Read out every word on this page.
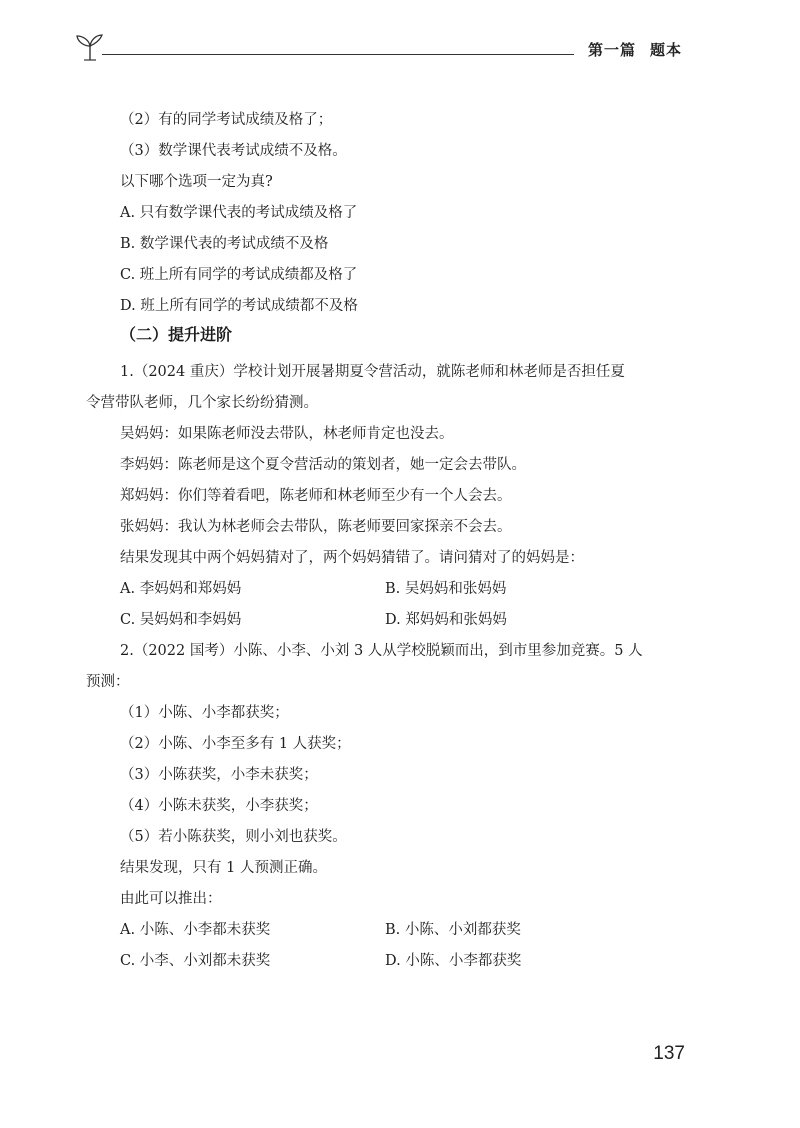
第一篇 题本
（2）有的同学考试成绩及格了；
（3）数学课代表考试成绩不及格。
以下哪个选项一定为真?
A. 只有数学课代表的考试成绩及格了
B. 数学课代表的考试成绩不及格
C. 班上所有同学的考试成绩都及格了
D. 班上所有同学的考试成绩都不及格
（二）提升进阶
1.（2024 重庆）学校计划开展暑期夏令营活动，就陈老师和林老师是否担任夏
令营带队老师，几个家长纷纷猜测。
吴妈妈：如果陈老师没去带队，林老师肯定也没去。
李妈妈：陈老师是这个夏令营活动的策划者，她一定会去带队。
郑妈妈：你们等着看吧，陈老师和林老师至少有一个人会去。
张妈妈：我认为林老师会去带队，陈老师要回家探亲不会去。
结果发现其中两个妈妈猜对了，两个妈妈猜错了。请问猜对了的妈妈是：
A. 李妈妈和郑妈妈	B. 吴妈妈和张妈妈
C. 吴妈妈和李妈妈	D. 郑妈妈和张妈妈
2.（2022 国考）小陈、小李、小刘 3 人从学校脱颖而出，到市里参加竞赛。5 人
预测：
（1）小陈、小李都获奖；
（2）小陈、小李至多有 1 人获奖；
（3）小陈获奖，小李未获奖；
（4）小陈未获奖，小李获奖；
（5）若小陈获奖，则小刘也获奖。
结果发现，只有 1 人预测正确。
由此可以推出：
A. 小陈、小李都未获奖	B. 小陈、小刘都获奖
C. 小李、小刘都未获奖	D. 小陈、小李都获奖
137
